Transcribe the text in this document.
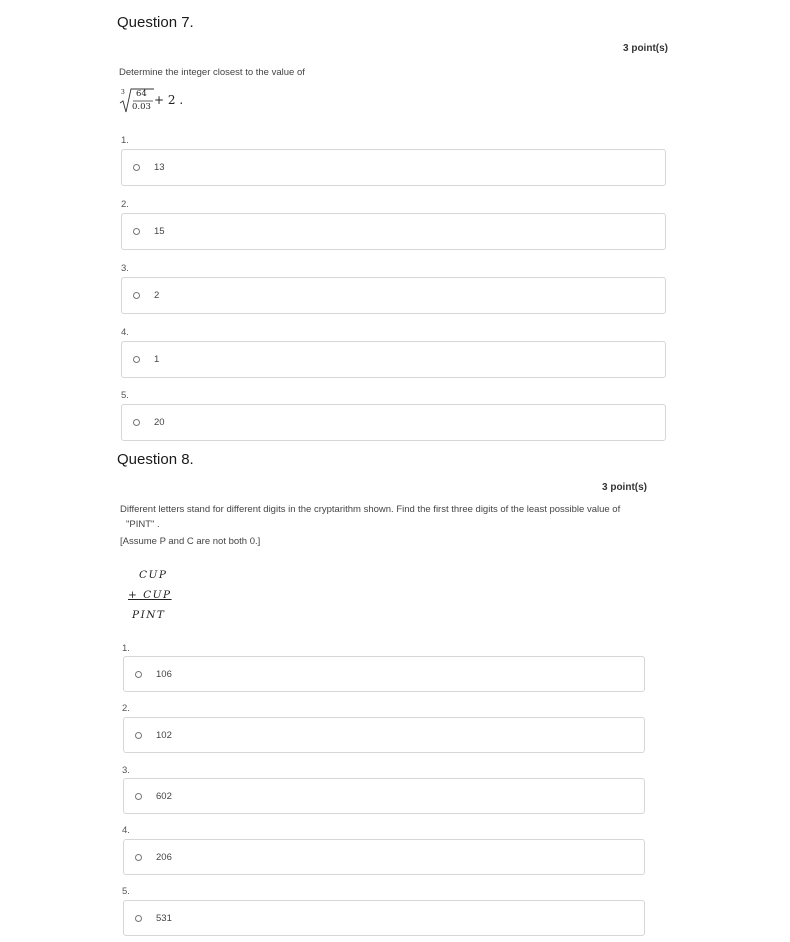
Question 7.
3 point(s)
Determine the integer closest to the value of
3 64
0.03 + 2 .
1.
13
2.
15
3.
2
4.
1
5.
20
Question 8.
3 point(s)
Different letters stand for different digits in the cryptarithm shown. Find the first three digits of the least possible value of
"PINT" .
[Assume P and C are not both 0.]
CUP
+ CUP
PINT
1.
106
2.
102
3.
602
4.
206
5.
531
